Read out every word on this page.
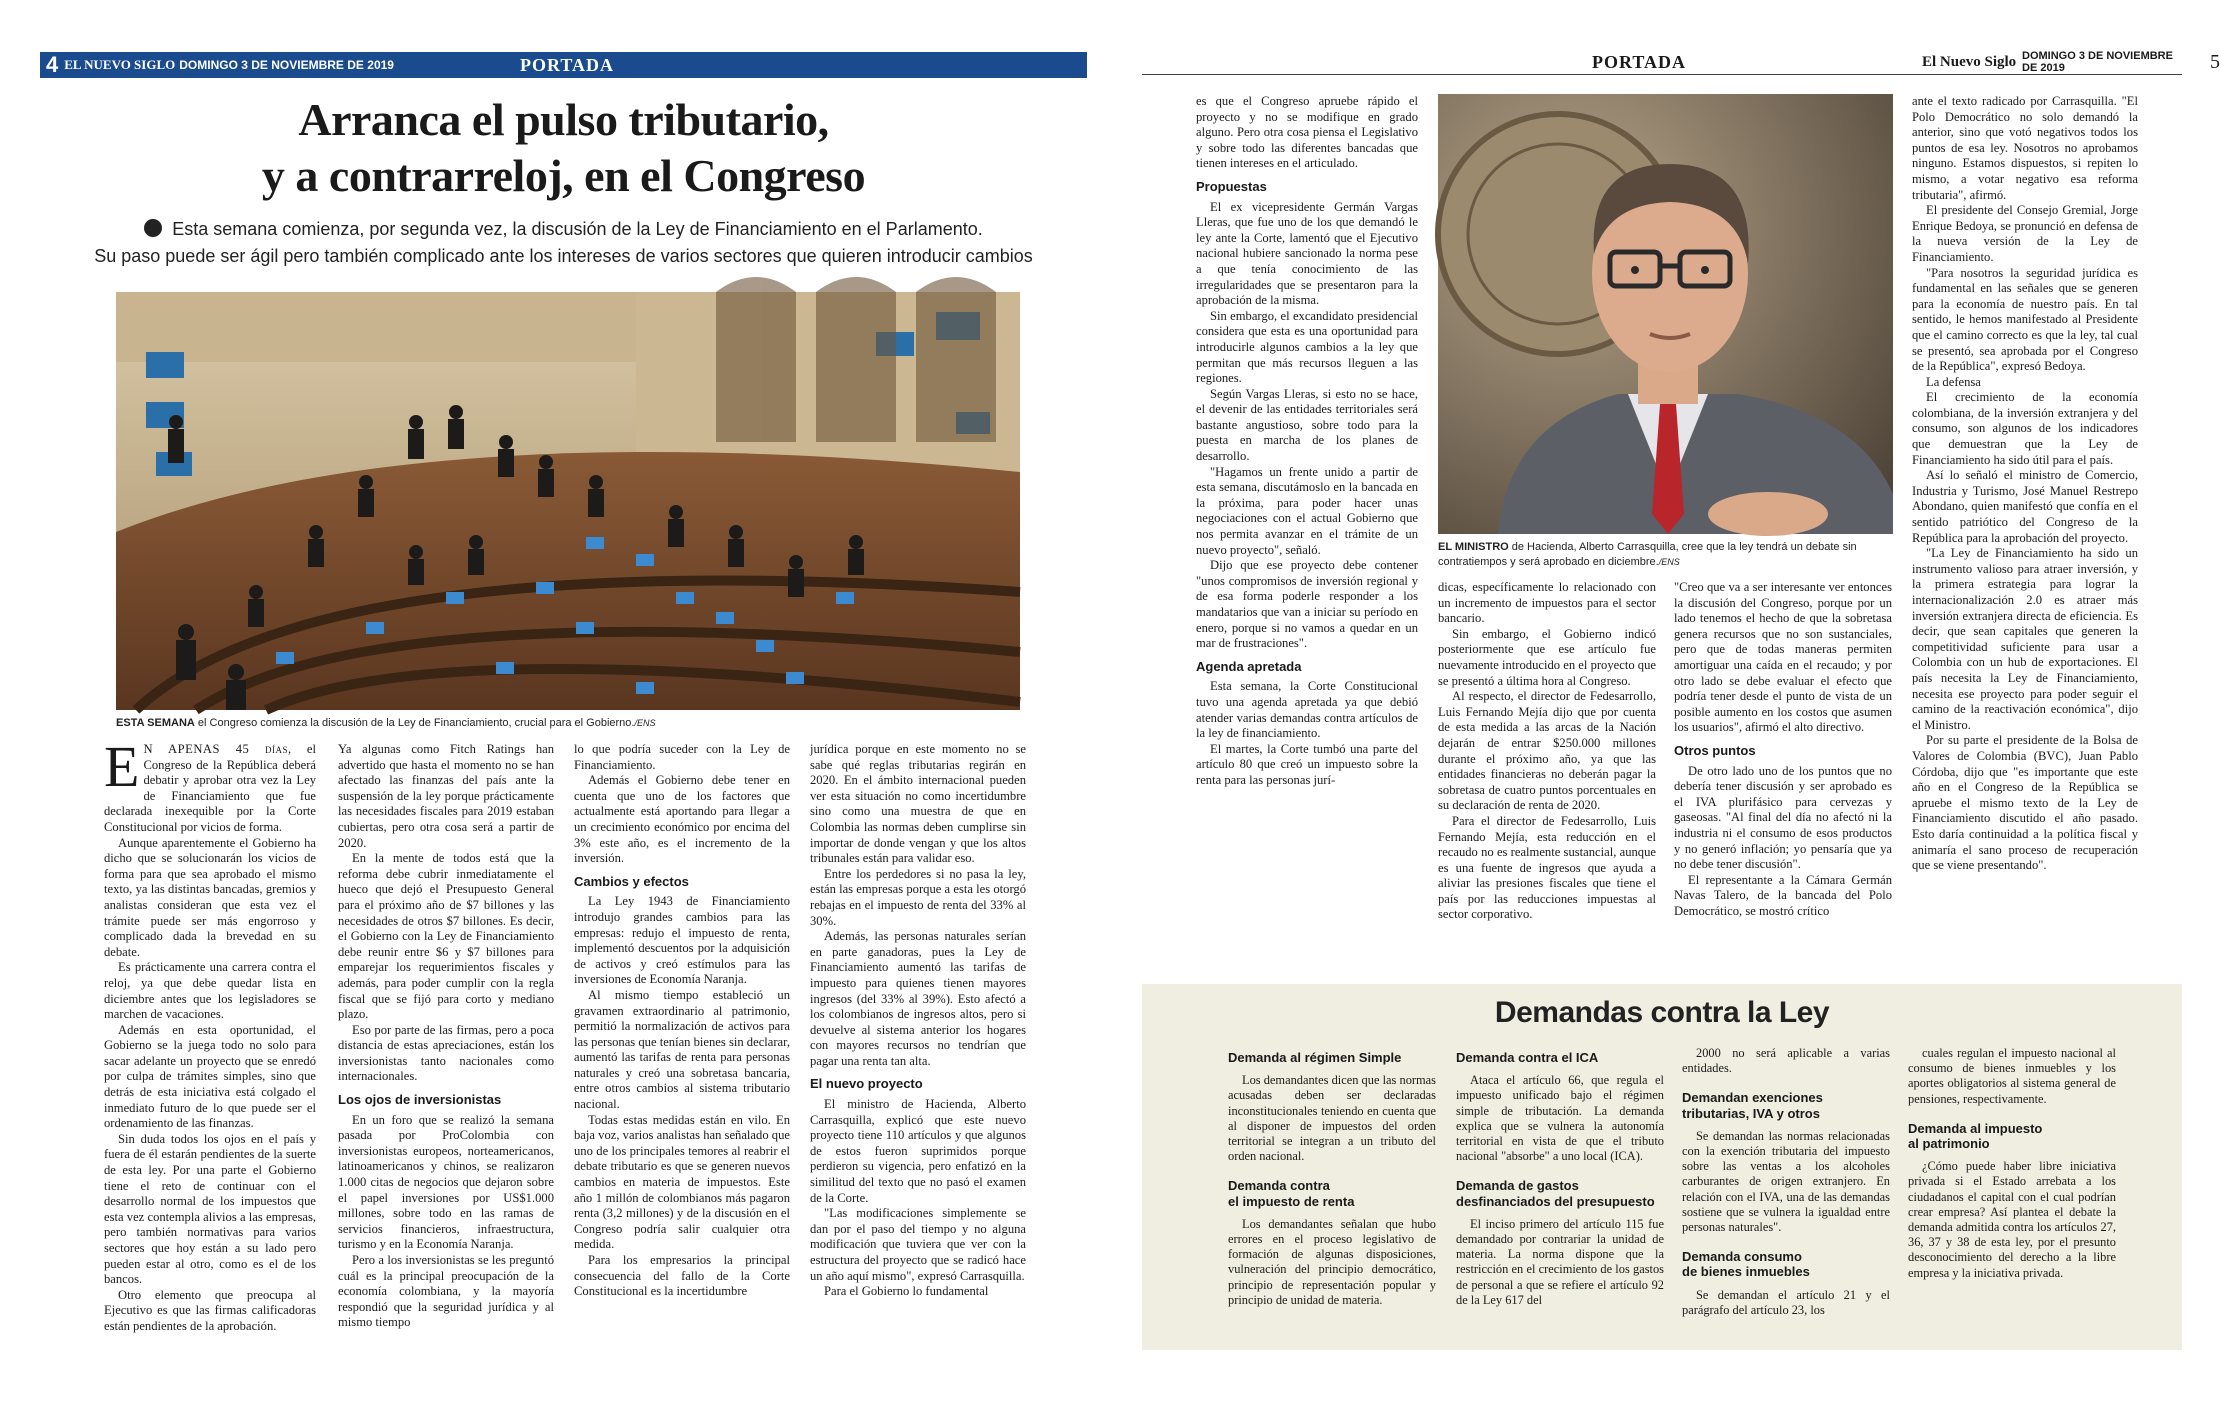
4 EL NUEVO SIGLO DOMINGO 3 DE NOVIEMBRE DE 2019	PORTADA
Arranca el pulso tributario,
y a contrarreloj, en el Congreso
Esta semana comienza, por segunda vez, la discusión de la Ley de Financiamiento en el Parlamento.
Su paso puede ser ágil pero también complicado ante los intereses de varios sectores que quieren introducir cambios
ESTA SEMANA el Congreso comienza la discusión de la Ley de Financiamiento, crucial para el Gobierno./ENS

E N APENAS 45 días, el Congreso de la República deberá debatir y aprobar otra vez la Ley de Financiamiento que fue declarada inexequible por la Corte Constitucional por vicios de forma.

Aunque aparentemente el Gobierno ha dicho que se solucionarán los vicios de forma para que sea aprobado el mismo texto, ya las distintas bancadas, gremios y analistas consideran que esta vez el trámite puede ser más engorroso y complicado dada la brevedad en su debate.

Es prácticamente una carrera contra el reloj, ya que debe quedar lista en diciembre antes que los legisladores se marchen de vacaciones.

Además en esta oportunidad, el Gobierno se la juega todo no solo para sacar adelante un proyecto que se enredó por culpa de trámites simples, sino que detrás de esta iniciativa está colgado el inmediato futuro de lo que puede ser el ordenamiento de las finanzas.

Sin duda todos los ojos en el país y fuera de él estarán pendientes de la suerte de esta ley. Por una parte el Gobierno tiene el reto de continuar con el desarrollo normal de los impuestos que esta vez contempla alivios a las empresas, pero también normativas para varios sectores que hoy están a su lado pero pueden estar al otro, como es el de los bancos.

Otro elemento que preocupa al Ejecutivo es que las firmas calificadoras están pendientes de la aprobación.

Ya algunas como Fitch Ratings han advertido que hasta el momento no se han afectado las finanzas del país ante la suspensión de la ley porque prácticamente las necesidades fiscales para 2019 estaban cubiertas, pero otra cosa será a partir de 2020.

En la mente de todos está que la reforma debe cubrir inmediatamente el hueco que dejó el Presupuesto General para el próximo año de $7 billones y las necesidades de otros $7 billones. Es decir, el Gobierno con la Ley de Financiamiento debe reunir entre $6 y $7 billones para emparejar los requerimientos fiscales y además, para poder cumplir con la regla fiscal que se fijó para corto y mediano plazo.

Eso por parte de las firmas, pero a poca distancia de estas apreciaciones, están los inversionistas tanto nacionales como internacionales.

Los ojos de inversionistas

En un foro que se realizó la semana pasada por ProColombia con inversionistas europeos, norteamericanos, latinoamericanos y chinos, se realizaron 1.000 citas de negocios que dejaron sobre el papel inversiones por US$1.000 millones, sobre todo en las ramas de servicios financieros, infraestructura, turismo y en la Economía Naranja.

Pero a los inversionistas se les preguntó cuál es la principal preocupación de la economía colombiana, y la mayoría respondió que la seguridad jurídica y al mismo tiempo

lo que podría suceder con la Ley de Financiamiento.

Además el Gobierno debe tener en cuenta que uno de los factores que actualmente está aportando para llegar a un crecimiento económico por encima del 3% este año, es el incremento de la inversión.

Cambios y efectos

La Ley 1943 de Financiamiento introdujo grandes cambios para las empresas: redujo el impuesto de renta, implementó descuentos por la adquisición de activos y creó estímulos para las inversiones de Economía Naranja.

Al mismo tiempo estableció un gravamen extraordinario al patrimonio, permitió la normalización de activos para las personas que tenían bienes sin declarar, aumentó las tarifas de renta para personas naturales y creó una sobretasa bancaria, entre otros cambios al sistema tributario nacional.

Todas estas medidas están en vilo. En baja voz, varios analistas han señalado que uno de los principales temores al reabrir el debate tributario es que se generen nuevos cambios en materia de impuestos. Este año 1 millón de colombianos más pagaron renta (3,2 millones) y de la discusión en el Congreso podría salir cualquier otra medida.

Para los empresarios la principal consecuencia del fallo de la Corte Constitucional es la incertidumbre

jurídica porque en este momento no se sabe qué reglas tributarias regirán en 2020. En el ámbito internacional pueden ver esta situación no como incertidumbre sino como una muestra de que en Colombia las normas deben cumplirse sin importar de donde vengan y que los altos tribunales están para validar eso.

Entre los perdedores si no pasa la ley, están las empresas porque a esta les otorgó rebajas en el impuesto de renta del 33% al 30%.

Además, las personas naturales serían en parte ganadoras, pues la Ley de Financiamiento aumentó las tarifas de impuesto para quienes tienen mayores ingresos (del 33% al 39%). Esto afectó a los colombianos de ingresos altos, pero si devuelve al sistema anterior los hogares con mayores recursos no tendrían que pagar una renta tan alta.

El nuevo proyecto

El ministro de Hacienda, Alberto Carrasquilla, explicó que este nuevo proyecto tiene 110 artículos y que algunos de estos fueron suprimidos porque perdieron su vigencia, pero enfatizó en la similitud del texto que no pasó el examen de la Corte.

"Las modificaciones simplemente se dan por el paso del tiempo y no alguna modificación que tuviera que ver con la estructura del proyecto que se radicó hace un año aquí mismo", expresó Carrasquilla.

Para el Gobierno lo fundamental

PORTADA	El Nuevo Siglo DOMINGO 3 DE NOVIEMBRE DE 2019	5

es que el Congreso apruebe rápido el proyecto y no se modifique en grado alguno. Pero otra cosa piensa el Legislativo y sobre todo las diferentes bancadas que tienen intereses en el articulado.

Propuestas

El ex vicepresidente Germán Vargas Lleras, que fue uno de los que demandó le ley ante la Corte, lamentó que el Ejecutivo nacional hubiere sancionado la norma pese a que tenía conocimiento de las irregularidades que se presentaron para la aprobación de la misma.

Sin embargo, el excandidato presidencial considera que esta es una oportunidad para introducirle algunos cambios a la ley que permitan que más recursos lleguen a las regiones.

Según Vargas Lleras, si esto no se hace, el devenir de las entidades territoriales será bastante angustioso, sobre todo para la puesta en marcha de los planes de desarrollo.

"Hagamos un frente unido a partir de esta semana, discutámoslo en la bancada en la próxima, para poder hacer unas negociaciones con el actual Gobierno que nos permita avanzar en el trámite de un nuevo proyecto", señaló.

Dijo que ese proyecto debe contener "unos compromisos de inversión regional y de esa forma poderle responder a los mandatarios que van a iniciar su período en enero, porque si no vamos a quedar en un mar de frustraciones".

Agenda apretada

Esta semana, la Corte Constitucional tuvo una agenda apretada ya que debió atender varias demandas contra artículos de la ley de financiamiento.

El martes, la Corte tumbó una parte del artículo 80 que creó un impuesto sobre la renta para las personas jurí-

EL MINISTRO de Hacienda, Alberto Carrasquilla, cree que la ley tendrá un debate sin contratiempos y será aprobado en diciembre./ENS

dicas, específicamente lo relacionado con un incremento de impuestos para el sector bancario.

Sin embargo, el Gobierno indicó posteriormente que ese artículo fue nuevamente introducido en el proyecto que se presentó a última hora al Congreso.

Al respecto, el director de Fedesarrollo, Luis Fernando Mejía dijo que por cuenta de esta medida a las arcas de la Nación dejarán de entrar $250.000 millones durante el próximo año, ya que las entidades financieras no deberán pagar la sobretasa de cuatro puntos porcentuales en su declaración de renta de 2020.

Para el director de Fedesarrollo, Luis Fernando Mejía, esta reducción en el recaudo no es realmente sustancial, aunque es una fuente de ingresos que ayuda a aliviar las presiones fiscales que tiene el país por las reducciones impuestas al sector corporativo.

"Creo que va a ser interesante ver entonces la discusión del Congreso, porque por un lado tenemos el hecho de que la sobretasa genera recursos que no son sustanciales, pero que de todas maneras permiten amortiguar una caída en el recaudo; y por otro lado se debe evaluar el efecto que podría tener desde el punto de vista de un posible aumento en los costos que asumen los usuarios", afirmó el alto directivo.

Otros puntos

De otro lado uno de los puntos que no debería tener discusión y ser aprobado es el IVA plurifásico para cervezas y gaseosas. "Al final del día no afectó ni la industria ni el consumo de esos productos y no generó inflación; yo pensaría que ya no debe tener discusión".

El representante a la Cámara Germán Navas Talero, de la bancada del Polo Democrático, se mostró crítico

ante el texto radicado por Carrasquilla. "El Polo Democrático no solo demandó la anterior, sino que votó negativos todos los puntos de esa ley. Nosotros no aprobamos ninguno. Estamos dispuestos, si repiten lo mismo, a votar negativo esa reforma tributaria", afirmó.

El presidente del Consejo Gremial, Jorge Enrique Bedoya, se pronunció en defensa de la nueva versión de la Ley de Financiamiento.

"Para nosotros la seguridad jurídica es fundamental en las señales que se generen para la economía de nuestro país. En tal sentido, le hemos manifestado al Presidente que el camino correcto es que la ley, tal cual se presentó, sea aprobada por el Congreso de la República", expresó Bedoya.

La defensa

El crecimiento de la economía colombiana, de la inversión extranjera y del consumo, son algunos de los indicadores que demuestran que la Ley de Financiamiento ha sido útil para el país.

Así lo señaló el ministro de Comercio, Industria y Turismo, José Manuel Restrepo Abondano, quien manifestó que confía en el sentido patriótico del Congreso de la República para la aprobación del proyecto.

"La Ley de Financiamiento ha sido un instrumento valioso para atraer inversión, y la primera estrategia para lograr la internacionalización 2.0 es atraer más inversión extranjera directa de eficiencia. Es decir, que sean capitales que generen la competitividad suficiente para usar a Colombia con un hub de exportaciones. El país necesita la Ley de Financiamiento, necesita ese proyecto para poder seguir el camino de la reactivación económica", dijo el Ministro.

Por su parte el presidente de la Bolsa de Valores de Colombia (BVC), Juan Pablo Córdoba, dijo que "es importante que este año en el Congreso de la República se apruebe el mismo texto de la Ley de Financiamiento discutido el año pasado. Esto daría continuidad a la política fiscal y animaría el sano proceso de recuperación que se viene presentando".

Demandas contra la Ley
Demanda al régimen Simple

Los demandantes dicen que las normas acusadas deben ser declaradas inconstitucionales teniendo en cuenta que al disponer de impuestos del orden territorial se integran a un tributo del orden nacional.

Demanda contra
el impuesto de renta

Los demandantes señalan que hubo errores en el proceso legislativo de formación de algunas disposiciones, vulneración del principio democrático, principio de representación popular y principio de unidad de materia.

Demanda contra el ICA

Ataca el artículo 66, que regula el impuesto unificado bajo el régimen simple de tributación. La demanda explica que se vulnera la autonomía territorial en vista de que el tributo nacional "absorbe" a uno local (ICA).

Demanda de gastos
desfinanciados del presupuesto

El inciso primero del artículo 115 fue demandado por contrariar la unidad de materia. La norma dispone que la restricción en el crecimiento de los gastos de personal a que se refiere el artículo 92 de la Ley 617 del

2000 no será aplicable a varias entidades.

Demandan exenciones
tributarias, IVA y otros

Se demandan las normas relacionadas con la exención tributaria del impuesto sobre las ventas a los alcoholes carburantes de origen extranjero. En relación con el IVA, una de las demandas sostiene que se vulnera la igualdad entre personas naturales".

Demanda consumo
de bienes inmuebles

Se demandan el artículo 21 y el parágrafo del artículo 23, los

cuales regulan el impuesto nacional al consumo de bienes inmuebles y los aportes obligatorios al sistema general de pensiones, respectivamente.

Demanda al impuesto
al patrimonio

¿Cómo puede haber libre iniciativa privada si el Estado arrebata a los ciudadanos el capital con el cual podrían crear empresa? Así plantea el debate la demanda admitida contra los artículos 27, 36, 37 y 38 de esta ley, por el presunto desconocimiento del derecho a la libre empresa y la iniciativa privada.
